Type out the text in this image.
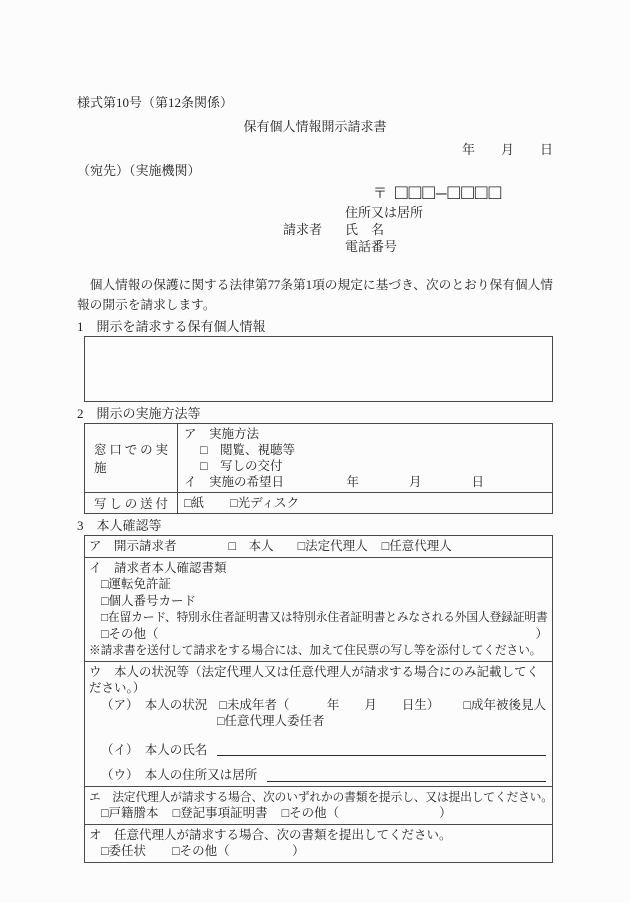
様式第10号（第12条関係）
保有個人情報開示請求書
年　　月　　日
（宛先）（実施機関）
〒 □□□–□□□□
住所又は居所
請求者	氏　名
電話番号
個人情報の保護に関する法律第77条第1項の規定に基づき、次のとおり保有個人情報の開示を請求します。
1　開示を請求する保有個人情報
2　開示の実施方法等
窓口での実施
ア　実施方法
□　閲覧、視聴等
□　写しの交付
イ　実施の希望日　　　　　年　　　　月　　　　日
写しの送付 □紙 □光ディスク
3　本人確認等
ア　開示請求者	□　本人 □法定代理人 □任意代理人
イ　請求者本人確認書類
□運転免許証
□個人番号カード
□在留カード、特別永住者証明書又は特別永住者証明書とみなされる外国人登録証明書
□その他（	）
※請求書を送付して請求をする場合には、加えて住民票の写し等を添付してください。
ウ　本人の状況等（法定代理人又は任意代理人が請求する場合にのみ記載してください。）
（ア）　本人の状況 □未成年者（　　　年　　月　　日生） □成年被後見人
□任意代理人委任者
（イ）　本人の氏名
（ウ）　本人の住所又は居所
エ　法定代理人が請求する場合、次のいずれかの書類を提示し、又は提出してください。
□戸籍謄本 □登記事項証明書 □その他（　　　　　　　　）
オ　任意代理人が請求する場合、次の書類を提出してください。
□委任状 □その他（　　　　　）
